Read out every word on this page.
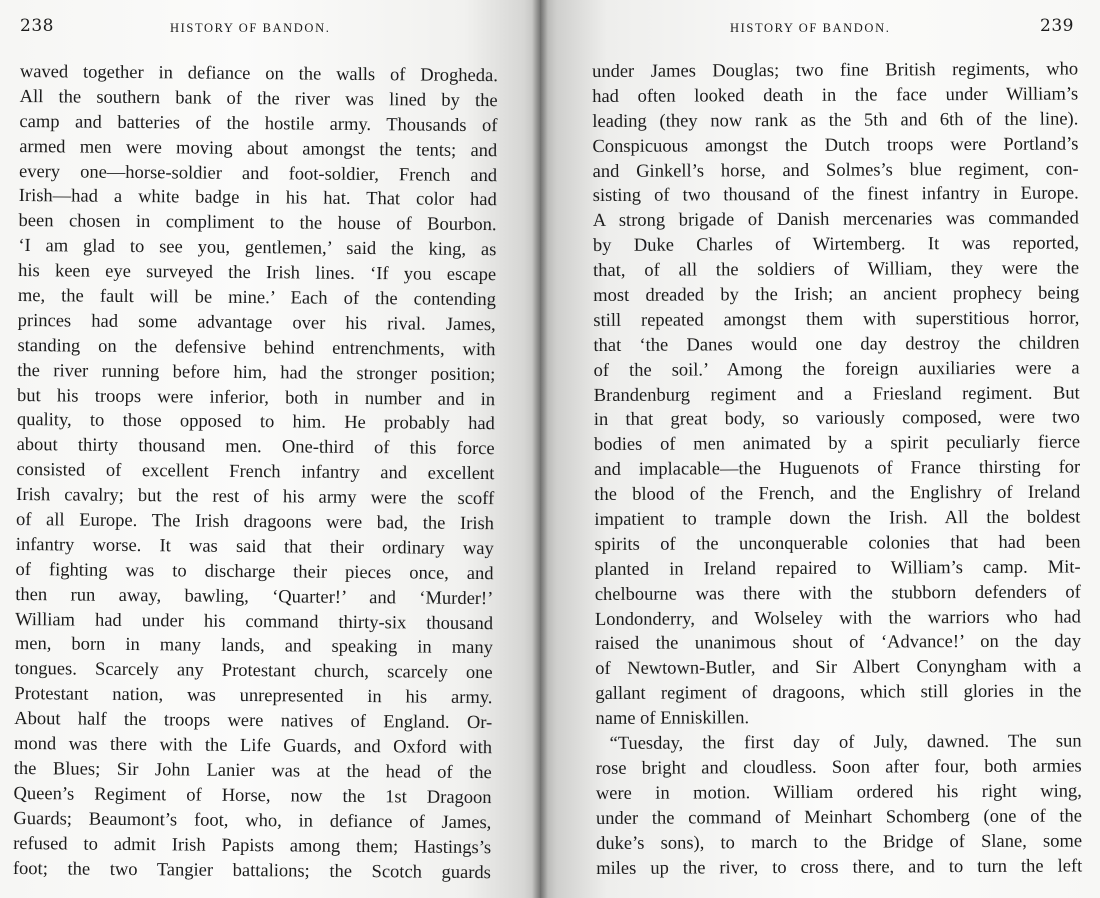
238	HISTORY OF BANDON.
waved together in defiance on the walls of Drogheda.
All the southern bank of the river was lined by the
camp and batteries of the hostile army. Thousands of
armed men were moving about amongst the tents; and
every one—horse-soldier and foot-soldier, French and
Irish—had a white badge in his hat. That color had
been chosen in compliment to the house of Bourbon.
‘I am glad to see you, gentlemen,’ said the king, as
his keen eye surveyed the Irish lines. ‘If you escape
me, the fault will be mine.’ Each of the contending
princes had some advantage over his rival. James,
standing on the defensive behind entrenchments, with
the river running before him, had the stronger position;
but his troops were inferior, both in number and in
quality, to those opposed to him. He probably had
about thirty thousand men. One-third of this force
consisted of excellent French infantry and excellent
Irish cavalry; but the rest of his army were the scoff
of all Europe. The Irish dragoons were bad, the Irish
infantry worse. It was said that their ordinary way
of fighting was to discharge their pieces once, and
then run away, bawling, ‘Quarter!’ and ‘Murder!’
William had under his command thirty-six thousand
men, born in many lands, and speaking in many
tongues. Scarcely any Protestant church, scarcely one
Protestant nation, was unrepresented in his army.
About half the troops were natives of England. Or-
mond was there with the Life Guards, and Oxford with
the Blues; Sir John Lanier was at the head of the
Queen’s Regiment of Horse, now the 1st Dragoon
Guards; Beaumont’s foot, who, in defiance of James,
refused to admit Irish Papists among them; Hastings’s
foot; the two Tangier battalions; the Scotch guards
239
HISTORY OF BANDON.
under James Douglas; two fine British regiments, who
had often looked death in the face under William’s
leading (they now rank as the 5th and 6th of the line).
Conspicuous amongst the Dutch troops were Portland’s
and Ginkell’s horse, and Solmes’s blue regiment, con-
sisting of two thousand of the finest infantry in Europe.
A strong brigade of Danish mercenaries was commanded
by Duke Charles of Wirtemberg. It was reported,
that, of all the soldiers of William, they were the
most dreaded by the Irish; an ancient prophecy being
still repeated amongst them with superstitious horror,
that ‘the Danes would one day destroy the children
of the soil.’ Among the foreign auxiliaries were a
Brandenburg regiment and a Friesland regiment. But
in that great body, so variously composed, were two
bodies of men animated by a spirit peculiarly fierce
and implacable—the Huguenots of France thirsting for
the blood of the French, and the Englishry of Ireland
impatient to trample down the Irish. All the boldest
spirits of the unconquerable colonies that had been
planted in Ireland repaired to William’s camp. Mit-
chelbourne was there with the stubborn defenders of
Londonderry, and Wolseley with the warriors who had
raised the unanimous shout of ‘Advance!’ on the day
of Newtown-Butler, and Sir Albert Conyngham with a
gallant regiment of dragoons, which still glories in the
name of Enniskillen.
“Tuesday, the first day of July, dawned. The sun
rose bright and cloudless. Soon after four, both armies
were in motion. William ordered his right wing,
under the command of Meinhart Schomberg (one of the
duke’s sons), to march to the Bridge of Slane, some
miles up the river, to cross there, and to turn the left
